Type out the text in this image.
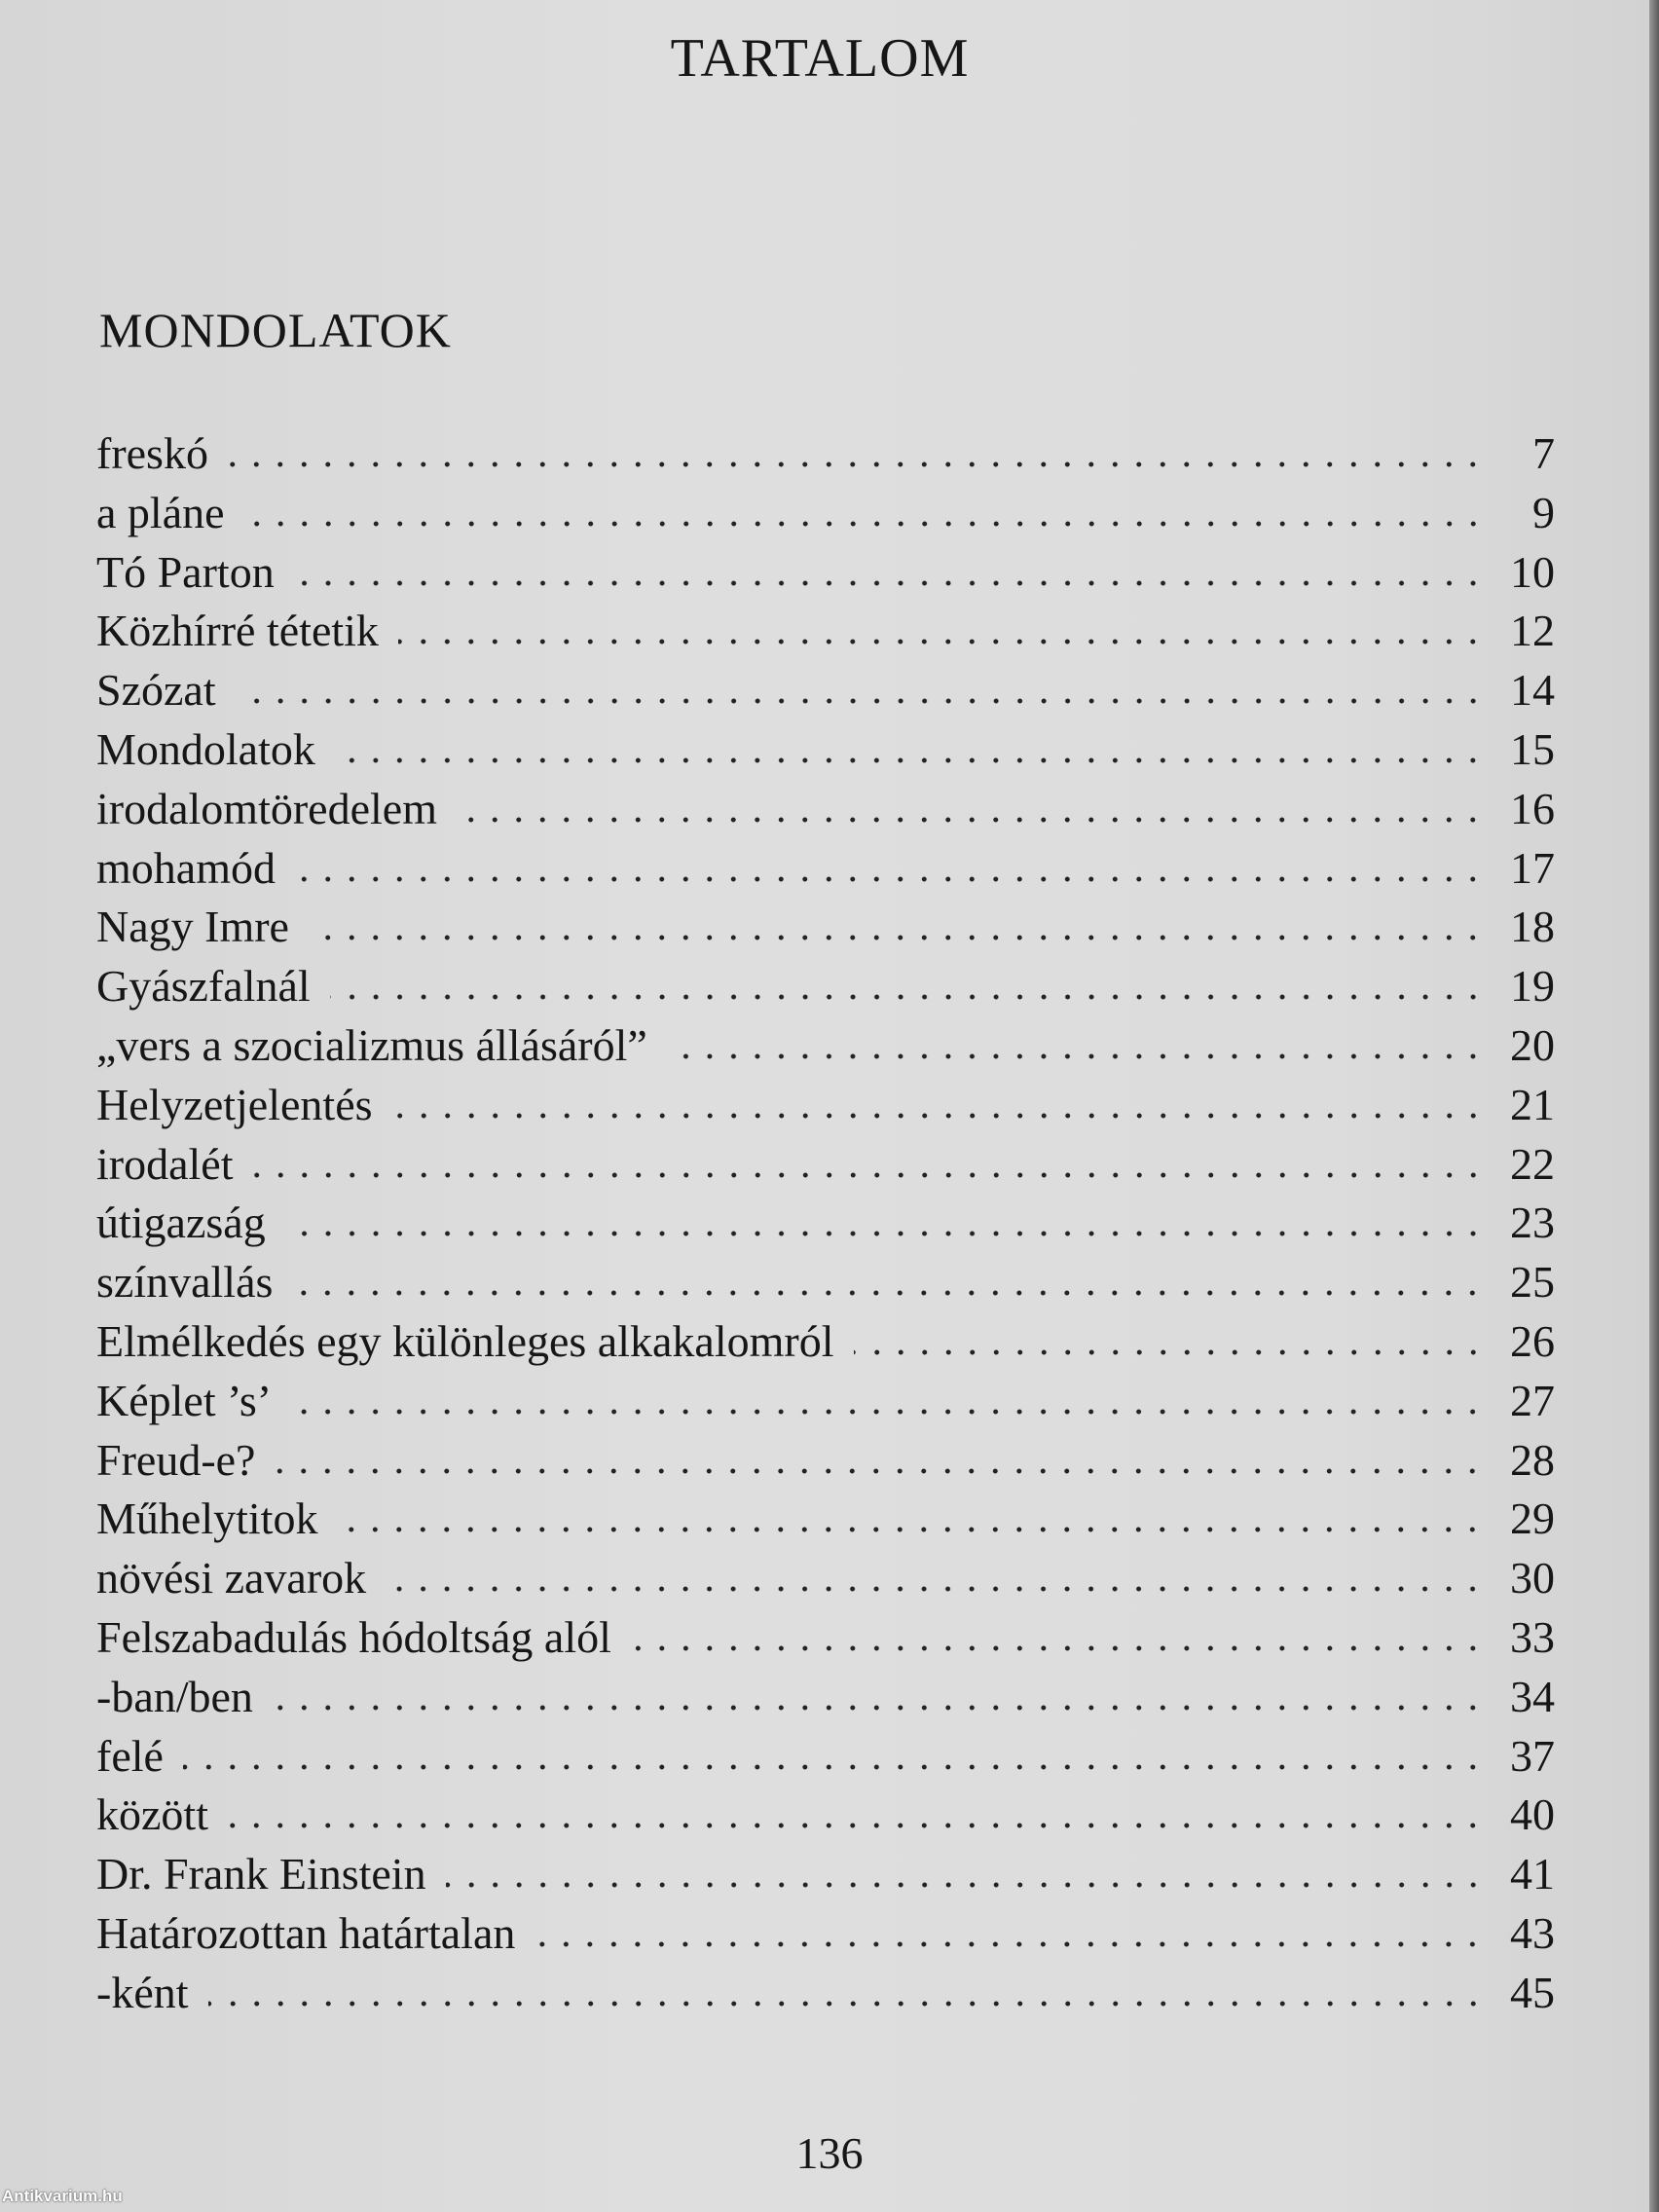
TARTALOM
MONDOLATOK
freskó	7
a pláne	9
Tó Parton	10
Közhírré tétetik	12
Szózat	14
Mondolatok	15
irodalomtöredelem	16
mohamód	17
Nagy Imre	18
Gyászfalnál	19
„vers a szocializmus állásáról”	20
Helyzetjelentés	21
irodalét	22
útigazság	23
színvallás	25
Elmélkedés egy különleges alkakalomról	26
Képlet ’s’	27
Freud-e?	28
Műhelytitok	29
növési zavarok	30
Felszabadulás hódoltság alól	33
-ban/ben	34
felé	37
között	40
Dr. Frank Einstein	41
Határozottan határtalan	43
-ként	45
136
Antikvarium.hu
